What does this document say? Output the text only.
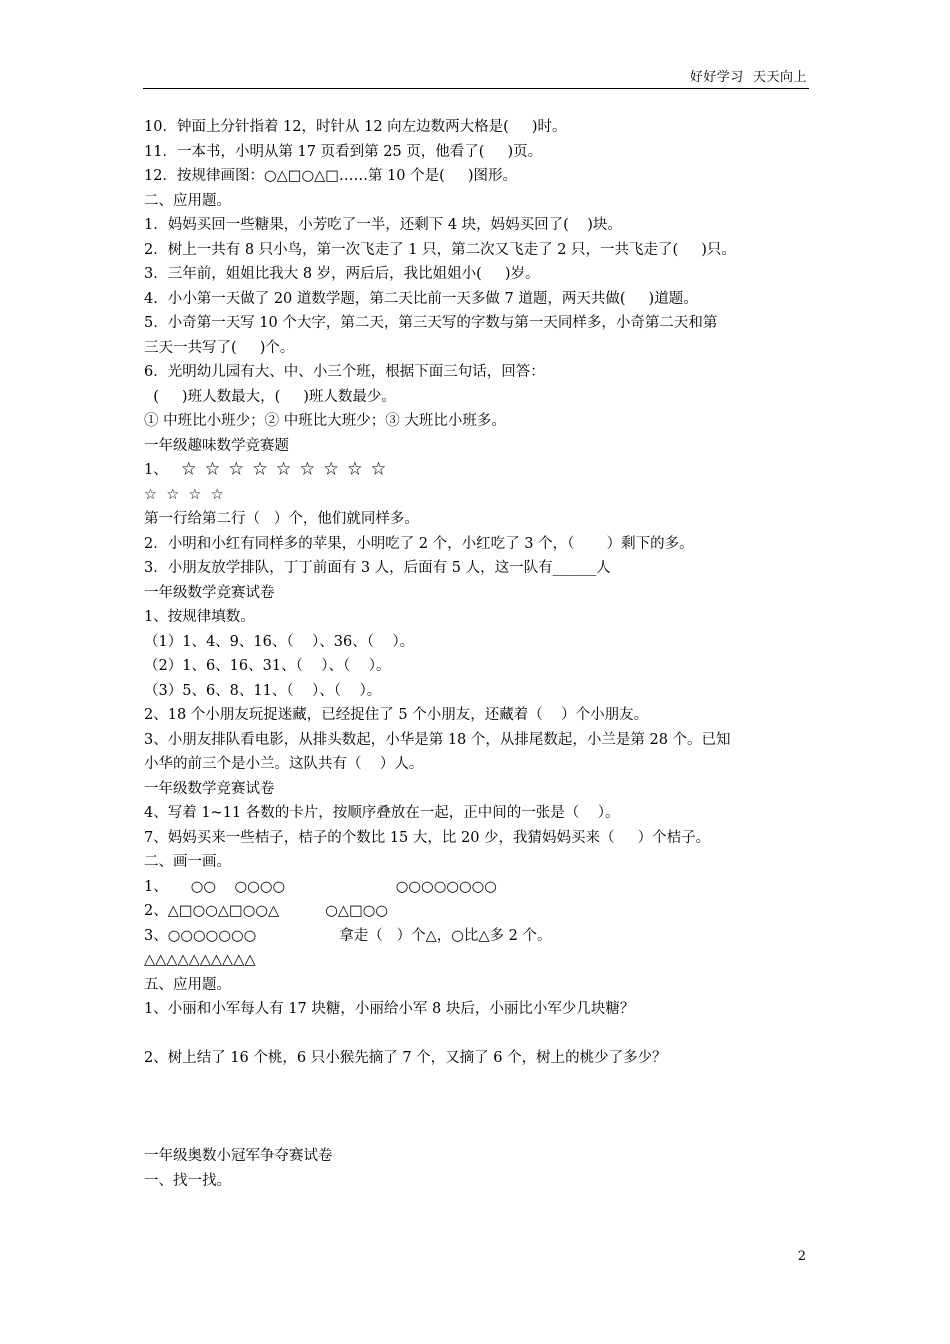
好好学习  天天向上
10．钟面上分针指着 12，时针从 12 向左边数两大格是(     )时。
11．一本书，小明从第 17 页看到第 25 页，他看了(     )页。
12．按规律画图：○△□○△□……第 10 个是(     )图形。
二、应用题。
1．妈妈买回一些糖果，小芳吃了一半，还剩下 4 块，妈妈买回了(    )块。
2．树上一共有 8 只小鸟，第一次飞走了 1 只，第二次又飞走了 2 只，一共飞走了(     )只。
3．三年前，姐姐比我大 8 岁，两后后，我比姐姐小(     )岁。
4．小小第一天做了 20 道数学题，第二天比前一天多做 7 道题，两天共做(     )道题。
5．小奇第一天写 10 个大字，第二天，第三天写的字数与第一天同样多，小奇第二天和第
三天一共写了(     )个。
6．光明幼儿园有大、中、小三个班，根据下面三句话，回答：
(     )班人数最大，(     )班人数最少。
① 中班比小班少；② 中班比大班少；③ 大班比小班多。
一年级趣味数学竞赛题
1、   ☆  ☆  ☆  ☆  ☆  ☆  ☆  ☆  ☆
☆  ☆  ☆  ☆
第一行给第二行（   ）个，他们就同样多。
2．小明和小红有同样多的苹果，小明吃了 2 个，小红吃了 3 个，（       ）剩下的多。
3．小朋友放学排队，丁丁前面有 3 人，后面有 5 人，这一队有______人
一年级数学竞赛试卷
1、按规律填数。
（1）1、4、9、16、（    ）、36、（    ）。
（2）1、6、16、31、（    ）、（    ）。
（3）5、6、8、11、（    ）、（    ）。
2、18 个小朋友玩捉迷藏，已经捉住了 5 个小朋友，还藏着（    ）个小朋友。
3、小朋友排队看电影，从排头数起，小华是第 18 个，从排尾数起，小兰是第 28 个。已知
小华的前三个是小兰。这队共有（    ）人。
一年级数学竞赛试卷
4、写着 1~11 各数的卡片，按顺序叠放在一起，正中间的一张是（    ）。
7、妈妈买来一些桔子，桔子的个数比 15 大，比 20 少，我猜妈妈买来（     ）个桔子。
二、画一画。
1、     ○○    ○○○○                        ○○○○○○○○
2、△□○○△□○○△          ○△□○○
3、○○○○○○○                  拿走（   ）个△，○比△多 2 个。
△△△△△△△△△△
五、应用题。
1、小丽和小军每人有 17 块糖，小丽给小军 8 块后，小丽比小军少几块糖？
2、树上结了 16 个桃，6 只小猴先摘了 7 个，又摘了 6 个，树上的桃少了多少？
一年级奥数小冠军争夺赛试卷
一、找一找。
2
